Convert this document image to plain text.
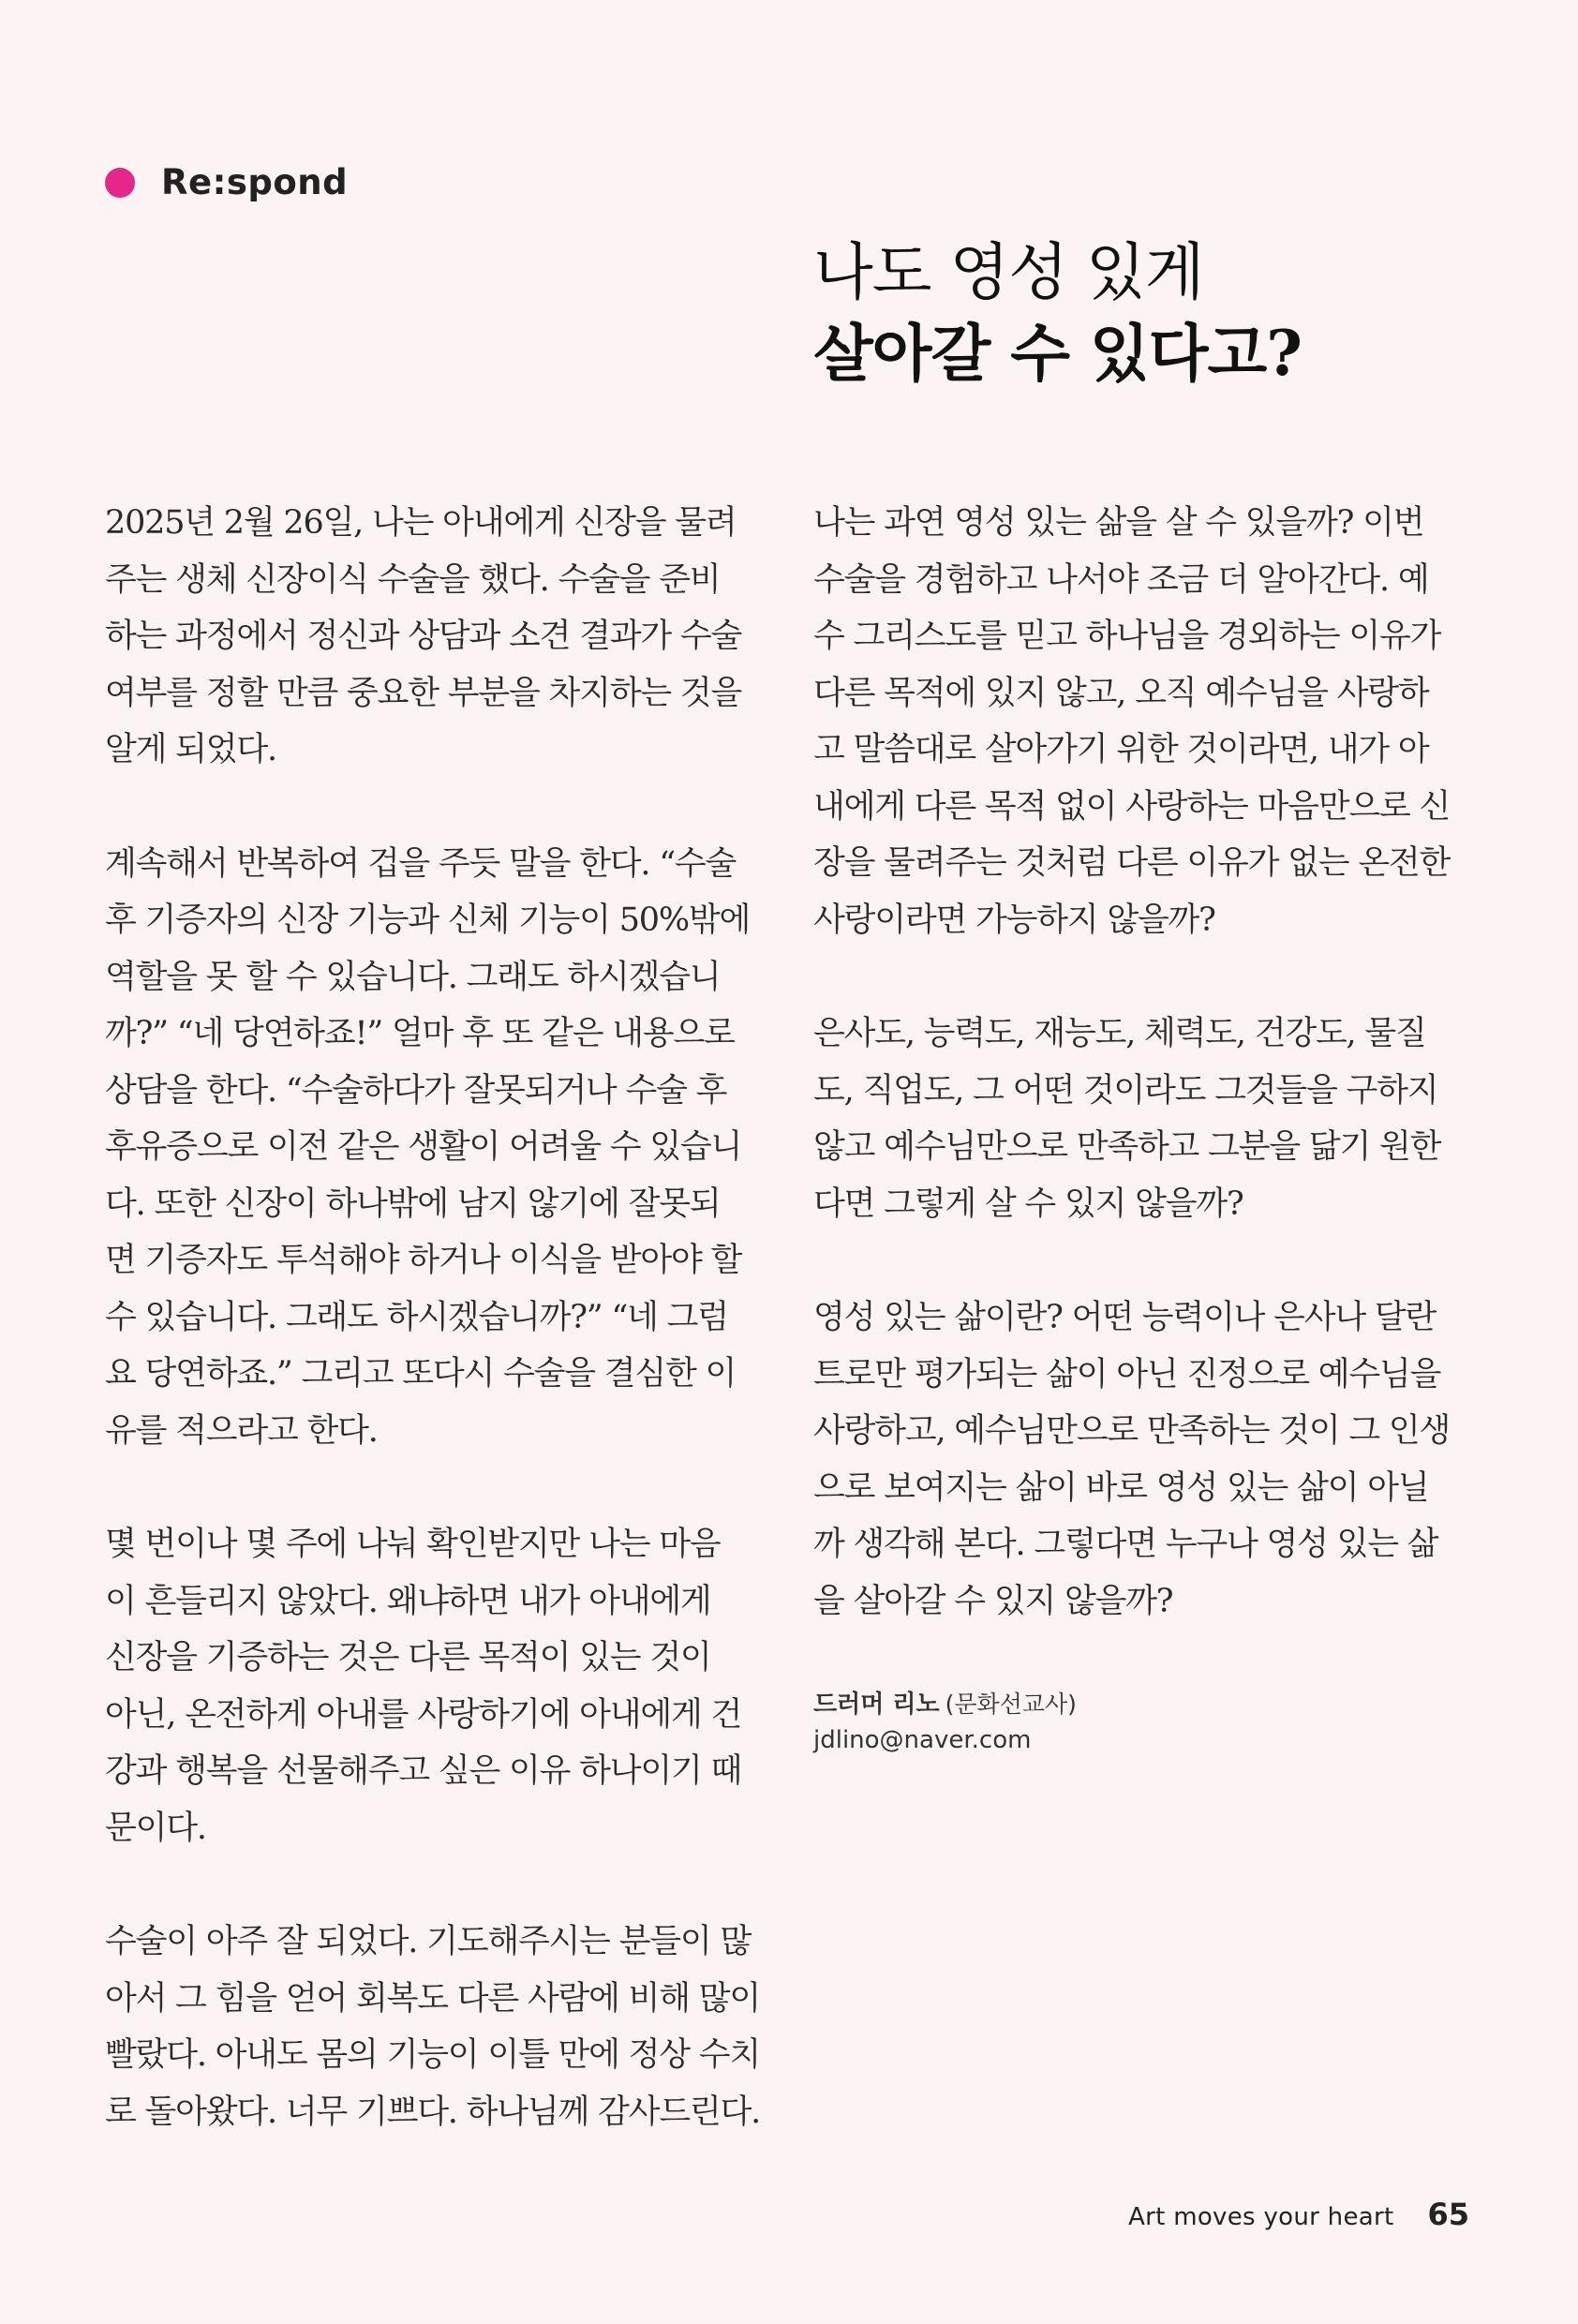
Re:spond
나도 영성 있게
살아갈 수 있다고?

2025년 2월 26일, 나는 아내에게 신장을 물려
주는 생체 신장이식 수술을 했다. 수술을 준비
하는 과정에서 정신과 상담과 소견 결과가 수술
여부를 정할 만큼 중요한 부분을 차지하는 것을
알게 되었다.

계속해서 반복하여 겁을 주듯 말을 한다. “수술
후 기증자의 신장 기능과 신체 기능이 50%밖에
역할을 못 할 수 있습니다. 그래도 하시겠습니
까?” “네 당연하죠!” 얼마 후 또 같은 내용으로
상담을 한다. “수술하다가 잘못되거나 수술 후
후유증으로 이전 같은 생활이 어려울 수 있습니
다. 또한 신장이 하나밖에 남지 않기에 잘못되
면 기증자도 투석해야 하거나 이식을 받아야 할
수 있습니다. 그래도 하시겠습니까?” “네 그럼
요 당연하죠.” 그리고 또다시 수술을 결심한 이
유를 적으라고 한다.

몇 번이나 몇 주에 나눠 확인받지만 나는 마음
이 흔들리지 않았다. 왜냐하면 내가 아내에게
신장을 기증하는 것은 다른 목적이 있는 것이
아닌, 온전하게 아내를 사랑하기에 아내에게 건
강과 행복을 선물해주고 싶은 이유 하나이기 때
문이다.

수술이 아주 잘 되었다. 기도해주시는 분들이 많
아서 그 힘을 얻어 회복도 다른 사람에 비해 많이
빨랐다. 아내도 몸의 기능이 이틀 만에 정상 수치
로 돌아왔다. 너무 기쁘다. 하나님께 감사드린다.

나는 과연 영성 있는 삶을 살 수 있을까? 이번
수술을 경험하고 나서야 조금 더 알아간다. 예
수 그리스도를 믿고 하나님을 경외하는 이유가
다른 목적에 있지 않고, 오직 예수님을 사랑하
고 말씀대로 살아가기 위한 것이라면, 내가 아
내에게 다른 목적 없이 사랑하는 마음만으로 신
장을 물려주는 것처럼 다른 이유가 없는 온전한
사랑이라면 가능하지 않을까?

은사도, 능력도, 재능도, 체력도, 건강도, 물질
도, 직업도, 그 어떤 것이라도 그것들을 구하지
않고 예수님만으로 만족하고 그분을 닮기 원한
다면 그렇게 살 수 있지 않을까?

영성 있는 삶이란? 어떤 능력이나 은사나 달란
트로만 평가되는 삶이 아닌 진정으로 예수님을
사랑하고, 예수님만으로 만족하는 것이 그 인생
으로 보여지는 삶이 바로 영성 있는 삶이 아닐
까 생각해 본다. 그렇다면 누구나 영성 있는 삶
을 살아갈 수 있지 않을까?

드러머 리노 (문화선교사)
jdlino@naver.com
Art moves your heart 65
